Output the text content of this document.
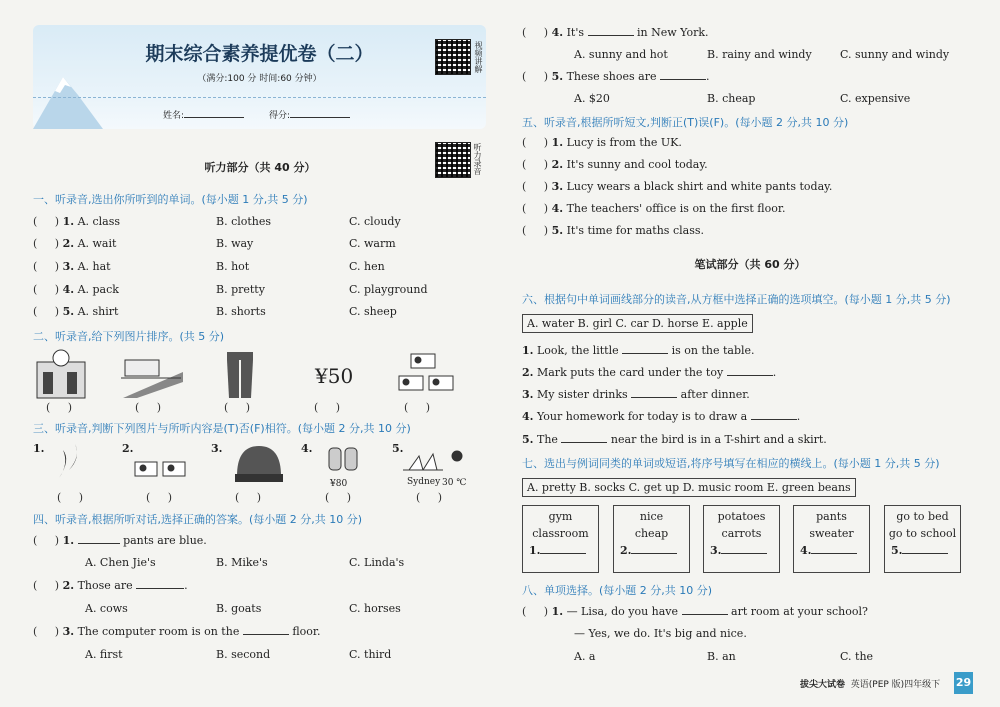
期末综合素养提优卷（二）
（满分:100 分 时间:60 分钟）
视频讲解
姓名:	得分:
听力录音
听力部分（共 40 分）
一、听录音,选出你所听到的单词。(每小题 1 分,共 5 分)
(     ) 1. A. class	B. clothes	C. cloudy
(     ) 2. A. wait	B. way	C. warm
(     ) 3. A. hat	B. hot	C. hen
(     ) 4. A. pack	B. pretty	C. playground
(     ) 5. A. shirt	B. shorts	C. sheep
二、听录音,给下列图片排序。(共 5 分)
¥50
(     )	(     )	(     )	(     )	(     )
三、听录音,判断下列图片与所听内容是(T)否(F)相符。(每小题 2 分,共 10 分)
1.	2.	3.	4.	5.
¥80	Sydney 30 ℃
(     )	(     )	(     )	(     )	(     )
四、听录音,根据所听对话,选择正确的答案。(每小题 2 分,共 10 分)
(     ) 1.	pants are blue.
A. Chen Jie's	B. Mike's	C. Linda's
(     ) 2. Those are	.
A. cows	B. goats	C. horses
(     ) 3. The computer room is on the	floor.
A. first	B. second	C. third
(     ) 4. It's	in New York.
A. sunny and hot	B. rainy and windy	C. sunny and windy
(     ) 5. These shoes are	.
A. $20	B. cheap	C. expensive
五、听录音,根据所听短文,判断正(T)误(F)。(每小题 2 分,共 10 分)
(     ) 1. Lucy is from the UK.
(     ) 2. It's sunny and cool today.
(     ) 3. Lucy wears a black shirt and white pants today.
(     ) 4. The teachers' office is on the first floor.
(     ) 5. It's time for maths class.
笔试部分（共 60 分）
六、根据句中单词画线部分的读音,从方框中选择正确的选项填空。(每小题 1 分,共 5 分)
A. water B. girl C. car D. horse E. apple
1. Look, the little	is on the table.
2. Mark puts the card under the toy	.
3. My sister drinks	after dinner.
4. Your homework for today is to draw a	.
5. The	near the bird is in a T-shirt and a skirt.
七、选出与例词同类的单词或短语,将序号填写在相应的横线上。(每小题 1 分,共 5 分)
A. pretty B. socks C. get up D. music room E. green beans
gym
classroom
1.
nice
cheap
2.
potatoes
carrots
3.
pants
sweater
4.
go to bed
go to school
5.
八、单项选择。(每小题 2 分,共 10 分)
(     ) 1. — Lisa, do you have	art room at your school?
— Yes, we do. It's big and nice.
A. a	B. an	C. the
拔尖大试卷 英语(PEP 版)四年级下 29
